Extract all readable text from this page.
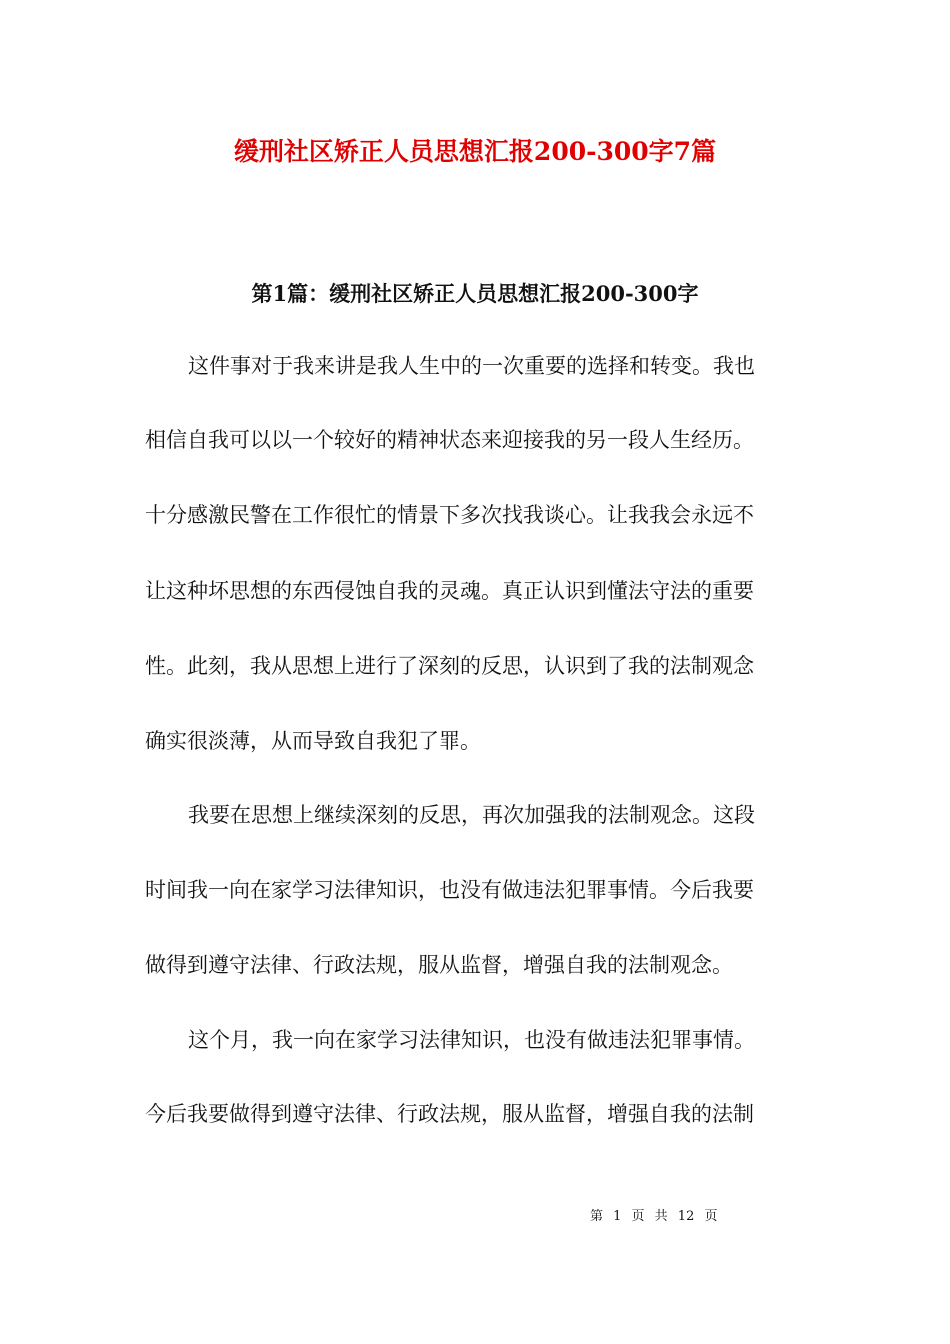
缓刑社区矫正人员思想汇报200-300字7篇
第1篇：缓刑社区矫正人员思想汇报200-300字

这件事对于我来讲是我人生中的一次重要的选择和转变。我也

相信自我可以以一个较好的精神状态来迎接我的另一段人生经历。

十分感激民警在工作很忙的情景下多次找我谈心。让我我会永远不

让这种坏思想的东西侵蚀自我的灵魂。真正认识到懂法守法的重要

性。此刻，我从思想上进行了深刻的反思，认识到了我的法制观念

确实很淡薄，从而导致自我犯了罪。

我要在思想上继续深刻的反思，再次加强我的法制观念。这段

时间我一向在家学习法律知识，也没有做违法犯罪事情。今后我要

做得到遵守法律、行政法规，服从监督，增强自我的法制观念。

这个月，我一向在家学习法律知识，也没有做违法犯罪事情。

今后我要做得到遵守法律、行政法规，服从监督，增强自我的法制

第 1 页 共 12 页
